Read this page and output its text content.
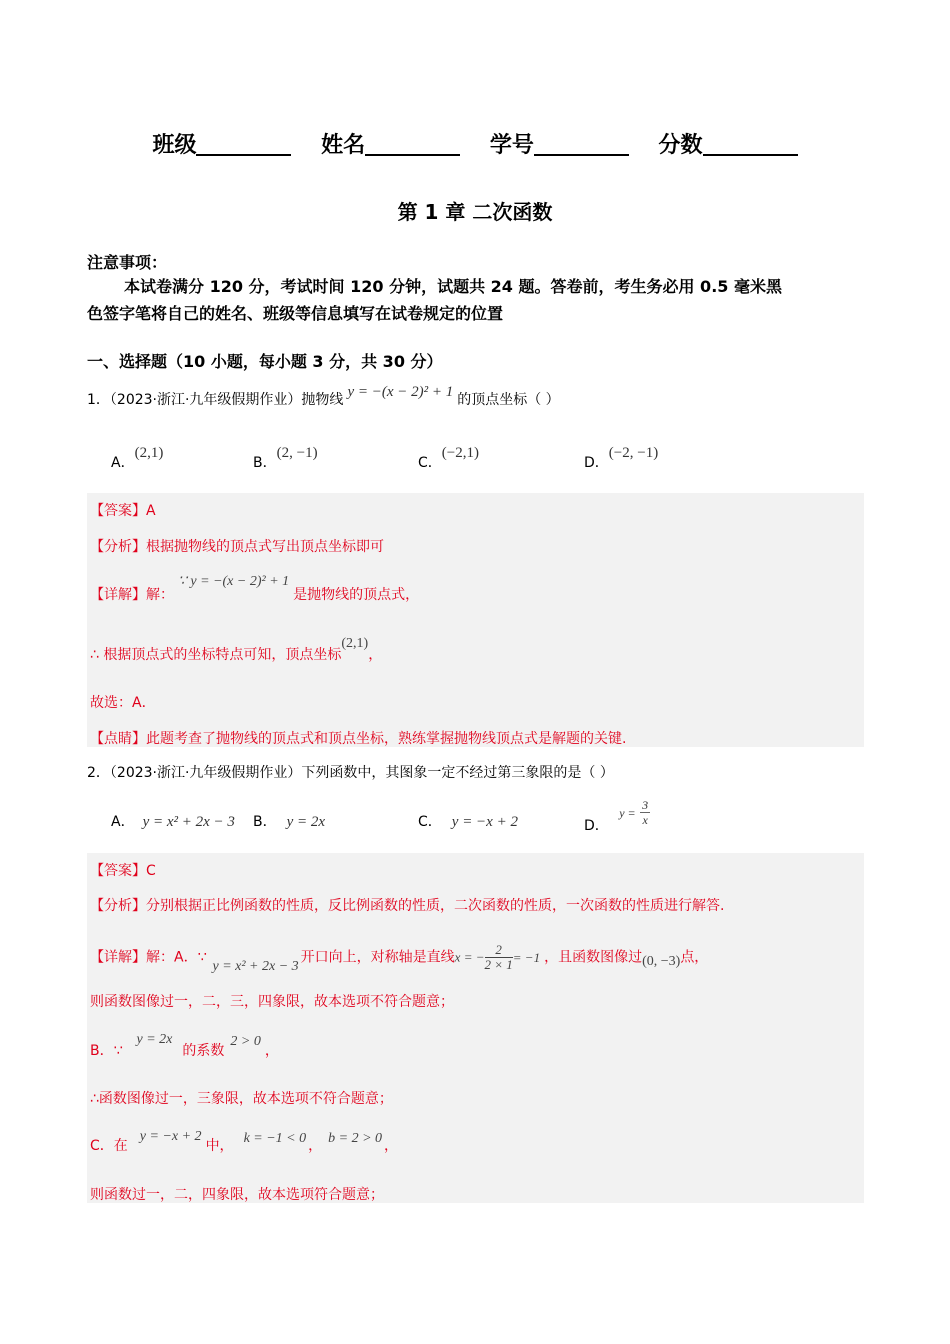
班级	姓名	学号	分数
第 1 章 二次函数
注意事项：
本试卷满分 120 分，考试时间 120 分钟，试题共 24 题。答卷前，考生务必用 0.5 毫米黑
色签字笔将自己的姓名、班级等信息填写在试卷规定的位置
一、选择题（10 小题，每小题 3 分，共 30 分）
1．（2023·浙江·九年级假期作业）抛物线 y = −(x − 2)² + 1 的顶点坐标（ ）
A．(2,1)
B．(2, −1)
C．(−2,1)
D．(−2, −1)
【答案】A
【分析】根据抛物线的顶点式写出顶点坐标即可
【详解】解：∵ y = −(x − 2)² + 1是抛物线的顶点式，
∴ 根据顶点式的坐标特点可知，顶点坐标(2,1)，
故选：A．
【点睛】此题考查了抛物线的顶点式和顶点坐标，熟练掌握抛物线顶点式是解题的关键.
2．（2023·浙江·九年级假期作业）下列函数中，其图象一定不经过第三象限的是（ ）
A． y = x² + 2x − 3 B． y = 2x	C． y = −x + 2	D． $y = \frac{3}{x}$
【答案】C
【分析】分别根据正比例函数的性质，反比例函数的性质，二次函数的性质，一次函数的性质进行解答.
【详解】解：A．∵y = x² + 2x − 3开口向上，对称轴是直线x = − $\frac{2}{2 \times 1} = -1$ ，且函数图像过(0, −3)点，
则函数图像过一，二，三，四象限，故本选项不符合题意；
B．∵y = 2x的系数2 > 0，
∴函数图像过一，三象限，故本选项不符合题意；
C．在y = −x + 2中， k = −1 < 0 ， b = 2 > 0 ，
则函数过一，二，四象限，故本选项符合题意；
